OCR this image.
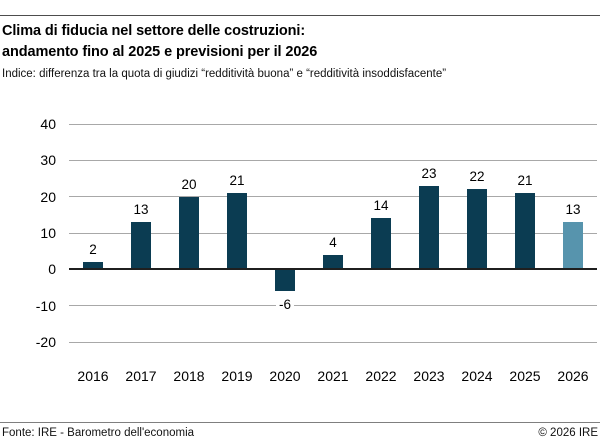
Clima di fiducia nel settore delle costruzioni:
andamento fino al 2025 e previsioni per il 2026
Indice: differenza tra la quota di giudizi “redditività buona” e “redditività insoddisfacente”
40
30
20
10
0
-10
-20
2
2016
13
2017
20
2018
21
2019
-6
2020
4
2021
14
2022
23
2023
22
2024
21
2025
13
2026
Fonte: IRE - Barometro dell'economia	© 2026 IRE
